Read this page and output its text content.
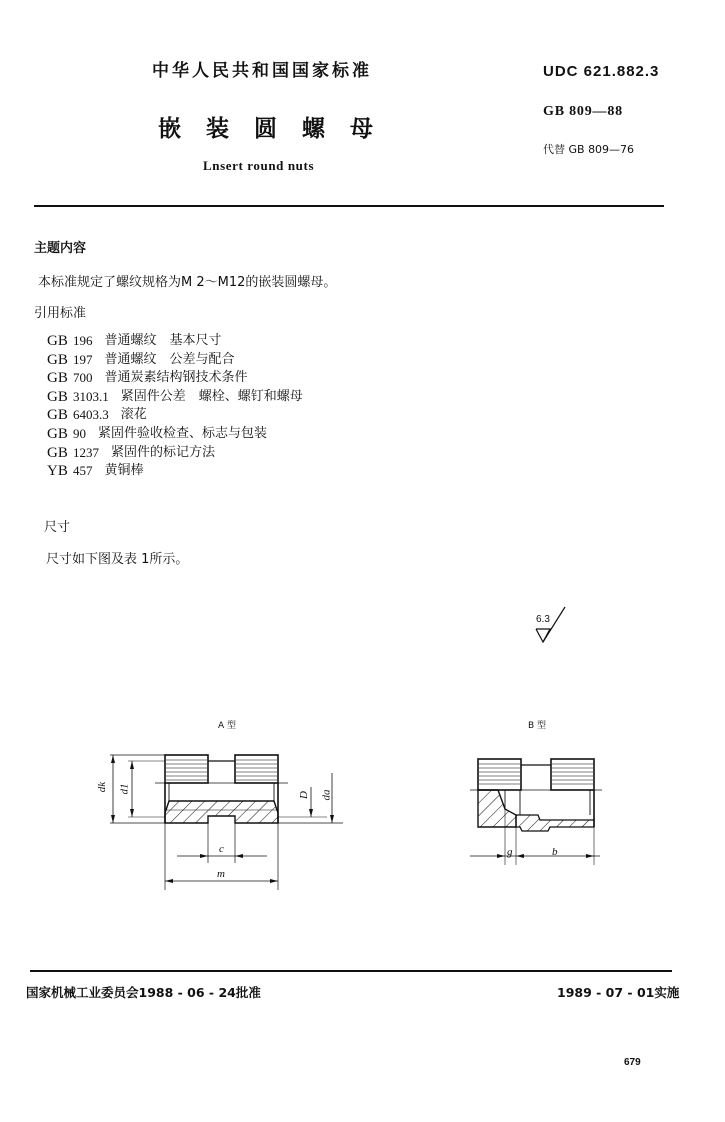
中华人民共和国国家标准
嵌装圆螺母
Lnsert round nuts
UDC 621.882.3
GB 809—88
代替 GB 809—76
主题内容
本标准规定了螺纹规格为M 2～M12的嵌装圆螺母。
引用标准
GB 196 普通螺纹　基本尺寸
GB 197 普通螺纹　公差与配合
GB 700 普通炭素结构钢技术条件
GB 3103.1 紧固件公差　螺栓、螺钉和螺母
GB 6403.3 滚花
GB 90 紧固件验收检查、标志与包装
GB 1237 紧固件的标记方法
YB 457 黄铜棒
尺寸
尺寸如下图及表 1所示。
6.3
A 型	B 型
dk d1
D da
c
m
g	b
国家机械工业委员会1988 - 06 - 24批准	1989 - 07 - 01实施
679
